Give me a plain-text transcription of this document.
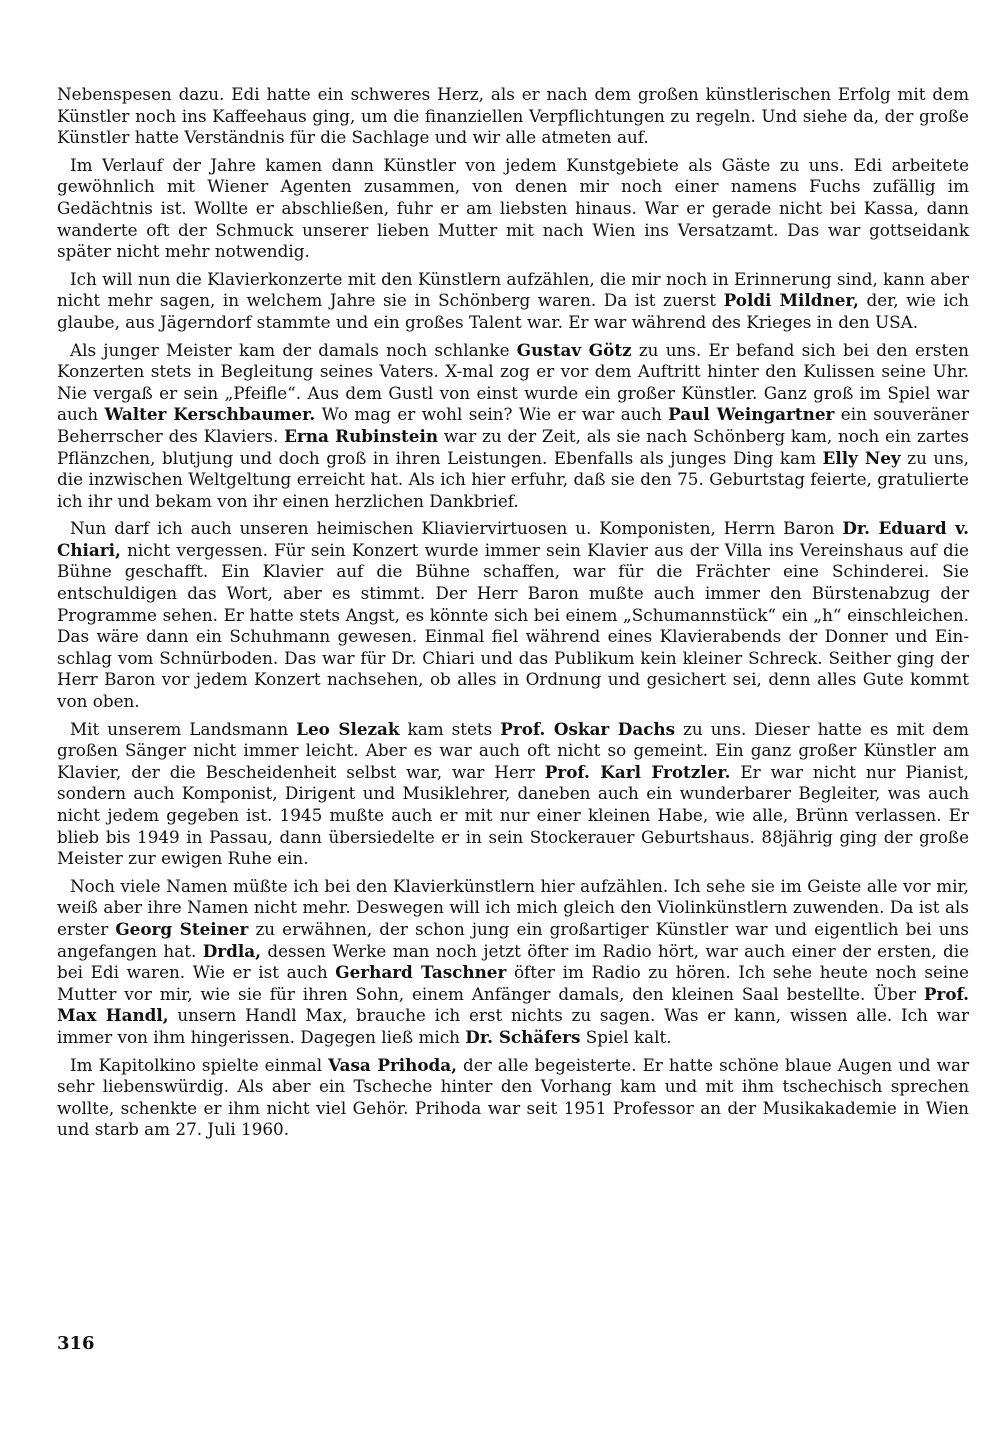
Nebenspesen dazu. Edi hatte ein schweres Herz, als er nach dem großen künstlerischen Erfolg mit dem Künstler noch ins Kaffeehaus ging, um die finanziellen Verpflichtungen zu regeln. Und siehe da, der große Künstler hatte Verständnis für die Sachlage und wir alle atmeten auf.

Im Verlauf der Jahre kamen dann Künstler von jedem Kunstgebiete als Gäste zu uns. Edi arbeitete gewöhnlich mit Wiener Agenten zusammen, von denen mir noch einer namens Fuchs zufällig im Gedächtnis ist. Wollte er abschließen, fuhr er am liebsten hinaus. War er gerade nicht bei Kassa, dann wanderte oft der Schmuck unserer lieben Mutter mit nach Wien ins Versatzamt. Das war gottseidank später nicht mehr notwendig.

Ich will nun die Klavierkonzerte mit den Künstlern aufzählen, die mir noch in Erinnerung sind, kann aber nicht mehr sagen, in welchem Jahre sie in Schönberg waren. Da ist zuerst Poldi Mildner, der, wie ich glaube, aus Jägerndorf stammte und ein großes Talent war. Er war während des Krieges in den USA.

Als junger Meister kam der damals noch schlanke Gustav Götz zu uns. Er befand sich bei den ersten Konzerten stets in Begleitung seines Vaters. X-mal zog er vor dem Auftritt hinter den Kulissen seine Uhr. Nie vergaß er sein „Pfeifle“. Aus dem Gustl von einst wurde ein großer Künstler. Ganz groß im Spiel war auch Walter Kerschbaumer. Wo mag er wohl sein? Wie er war auch Paul Weingartner ein souveräner Beherrscher des Klaviers. Erna Rubinstein war zu der Zeit, als sie nach Schönberg kam, noch ein zartes Pflänzchen, blutjung und doch groß in ihren Leistungen. Ebenfalls als junges Ding kam Elly Ney zu uns, die inzwischen Weltgeltung erreicht hat. Als ich hier erfuhr, daß sie den 75. Geburtstag feierte, gratulierte ich ihr und bekam von ihr einen herzlichen Dankbrief.

Nun darf ich auch unseren heimischen Kliaviervirtuosen u. Komponisten, Herrn Baron Dr. Eduard v. Chiari, nicht vergessen. Für sein Konzert wurde immer sein Klavier aus der Villa ins Vereinshaus auf die Bühne geschafft. Ein Klavier auf die Bühne schaffen, war für die Frächter eine Schinderei. Sie entschuldigen das Wort, aber es stimmt. Der Herr Baron mußte auch immer den Bürstenabzug der Programme sehen. Er hatte stets Angst, es könnte sich bei einem „Schumannstück“ ein „h“ einschleichen. Das wäre dann ein Schuhmann gewesen. Einmal fiel während eines Klavierabends der Donner und Einschlag vom Schnürboden. Das war für Dr. Chiari und das Publikum kein kleiner Schreck. Seither ging der Herr Baron vor jedem Konzert nachsehen, ob alles in Ordnung und gesichert sei, denn alles Gute kommt von oben.

Mit unserem Landsmann Leo Slezak kam stets Prof. Oskar Dachs zu uns. Dieser hatte es mit dem großen Sänger nicht immer leicht. Aber es war auch oft nicht so gemeint. Ein ganz großer Künstler am Klavier, der die Bescheidenheit selbst war, war Herr Prof. Karl Frotzler. Er war nicht nur Pianist, sondern auch Komponist, Dirigent und Musiklehrer, daneben auch ein wunderbarer Begleiter, was auch nicht jedem gegeben ist. 1945 mußte auch er mit nur einer kleinen Habe, wie alle, Brünn verlassen. Er blieb bis 1949 in Passau, dann übersiedelte er in sein Stockerauer Geburtshaus. 88jährig ging der große Meister zur ewigen Ruhe ein.

Noch viele Namen müßte ich bei den Klavierkünstlern hier aufzählen. Ich sehe sie im Geiste alle vor mir, weiß aber ihre Namen nicht mehr. Deswegen will ich mich gleich den Violinkünstlern zuwenden. Da ist als erster Georg Steiner zu erwähnen, der schon jung ein großartiger Künstler war und eigentlich bei uns angefangen hat. Drdla, dessen Werke man noch jetzt öfter im Radio hört, war auch einer der ersten, die bei Edi waren. Wie er ist auch Gerhard Taschner öfter im Radio zu hören. Ich sehe heute noch seine Mutter vor mir, wie sie für ihren Sohn, einem Anfänger damals, den kleinen Saal bestellte. Über Prof. Max Handl, unsern Handl Max, brauche ich erst nichts zu sagen. Was er kann, wissen alle. Ich war immer von ihm hingerissen. Dagegen ließ mich Dr. Schäfers Spiel kalt.

Im Kapitolkino spielte einmal Vasa Prihoda, der alle begeisterte. Er hatte schöne blaue Augen und war sehr liebenswürdig. Als aber ein Tscheche hinter den Vorhang kam und mit ihm tschechisch sprechen wollte, schenkte er ihm nicht viel Gehör. Prihoda war seit 1951 Professor an der Musikakademie in Wien und starb am 27. Juli 1960.

316
